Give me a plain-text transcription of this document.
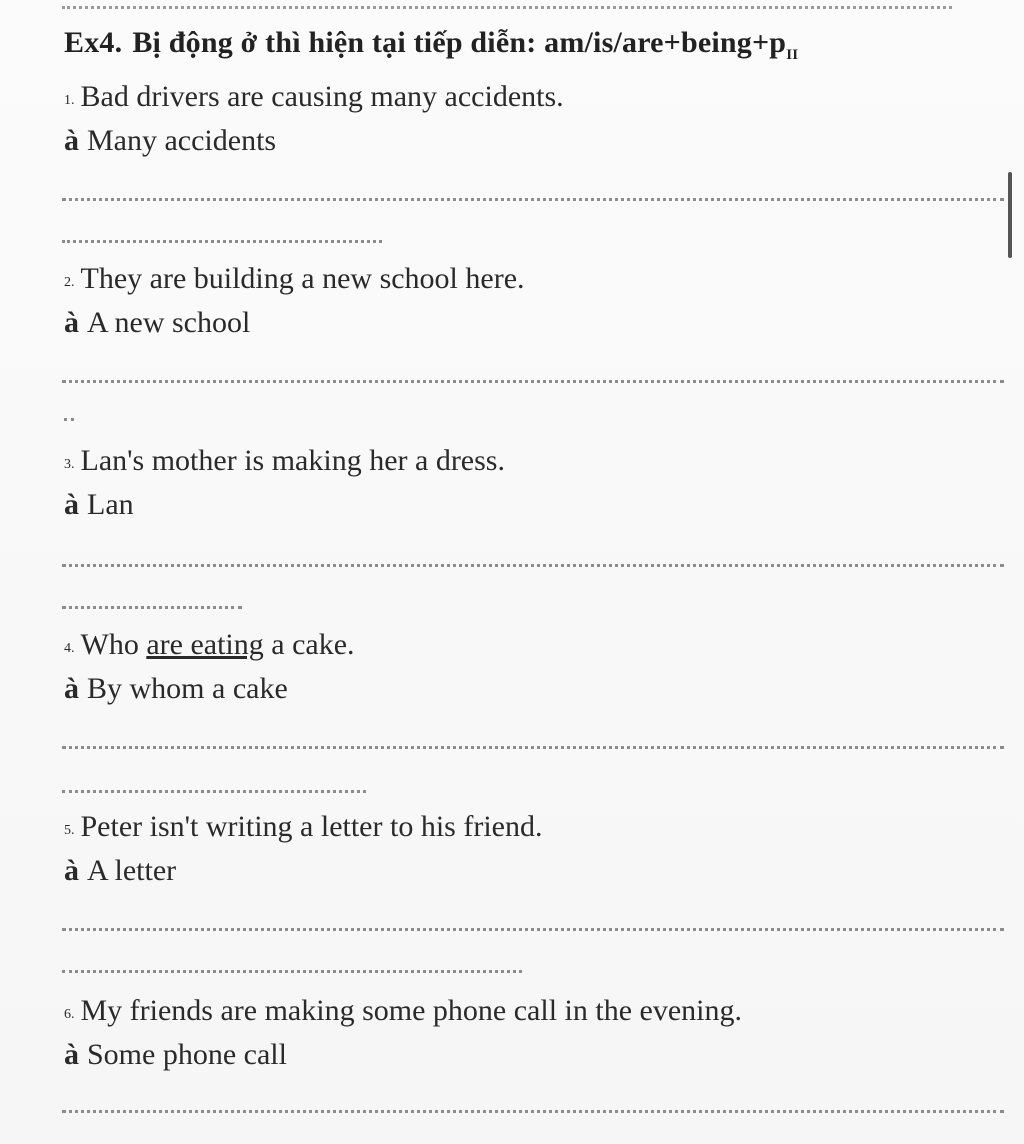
Ex4. Bị động ở thì hiện tại tiếp diễn: $am/is/are+being+p_{II}$
1. Bad drivers are causing many accidents.
à Many accidents
2. They are building a new school here.
à A new school
3. Lan's mother is making her a dress.
à Lan
4. Who are eating a cake.
à By whom a cake
5. Peter isn't writing a letter to his friend.
à A letter
6. My friends are making some phone call in the evening.
à Some phone call
